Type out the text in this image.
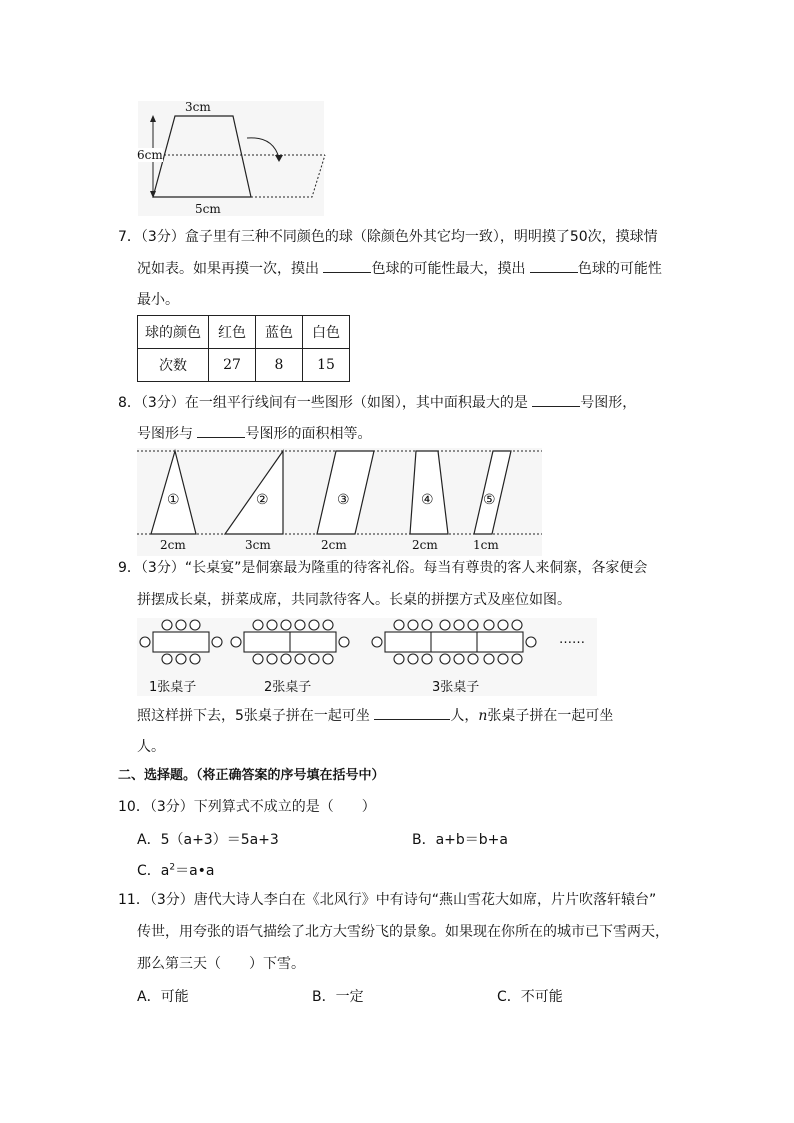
3cm
6cm
5cm
7．（3分）盒子里有三种不同颜色的球（除颜色外其它均一致），明明摸了50次，摸球情
况如表。如果再摸一次，摸出	色球的可能性最大，摸出	色球的可能性
最小。
球的颜色	红色	蓝色	白色
次数	27	8	15
8．（3分）在一组平行线间有一些图形（如图），其中面积最大的是	号图形，
号图形与	号图形的面积相等。
①	②	③	④	⑤
2cm	3cm	2cm	2cm	1cm
9．（3分）“长桌宴”是侗寨最为隆重的待客礼俗。每当有尊贵的客人来侗寨，各家便会
拼摆成长桌，拼菜成席，共同款待客人。长桌的拼摆方式及座位如图。
1张桌子	2张桌子	3张桌子
……
照这样拼下去，5张桌子拼在一起可坐	人，n张桌子拼在一起可坐
人。
二、选择题。（将正确答案的序号填在括号中）
10．（3分）下列算式不成立的是（　　）
A．5（a+3）＝5a+3	B．a+b＝b+a
C．$a^2=a•a$
11．（3分）唐代大诗人李白在《北风行》中有诗句“燕山雪花大如席，片片吹落轩辕台”
传世，用夸张的语气描绘了北方大雪纷飞的景象。如果现在你所在的城市已下雪两天，
那么第三天（　　）下雪。
A．可能	B．一定	C．不可能
